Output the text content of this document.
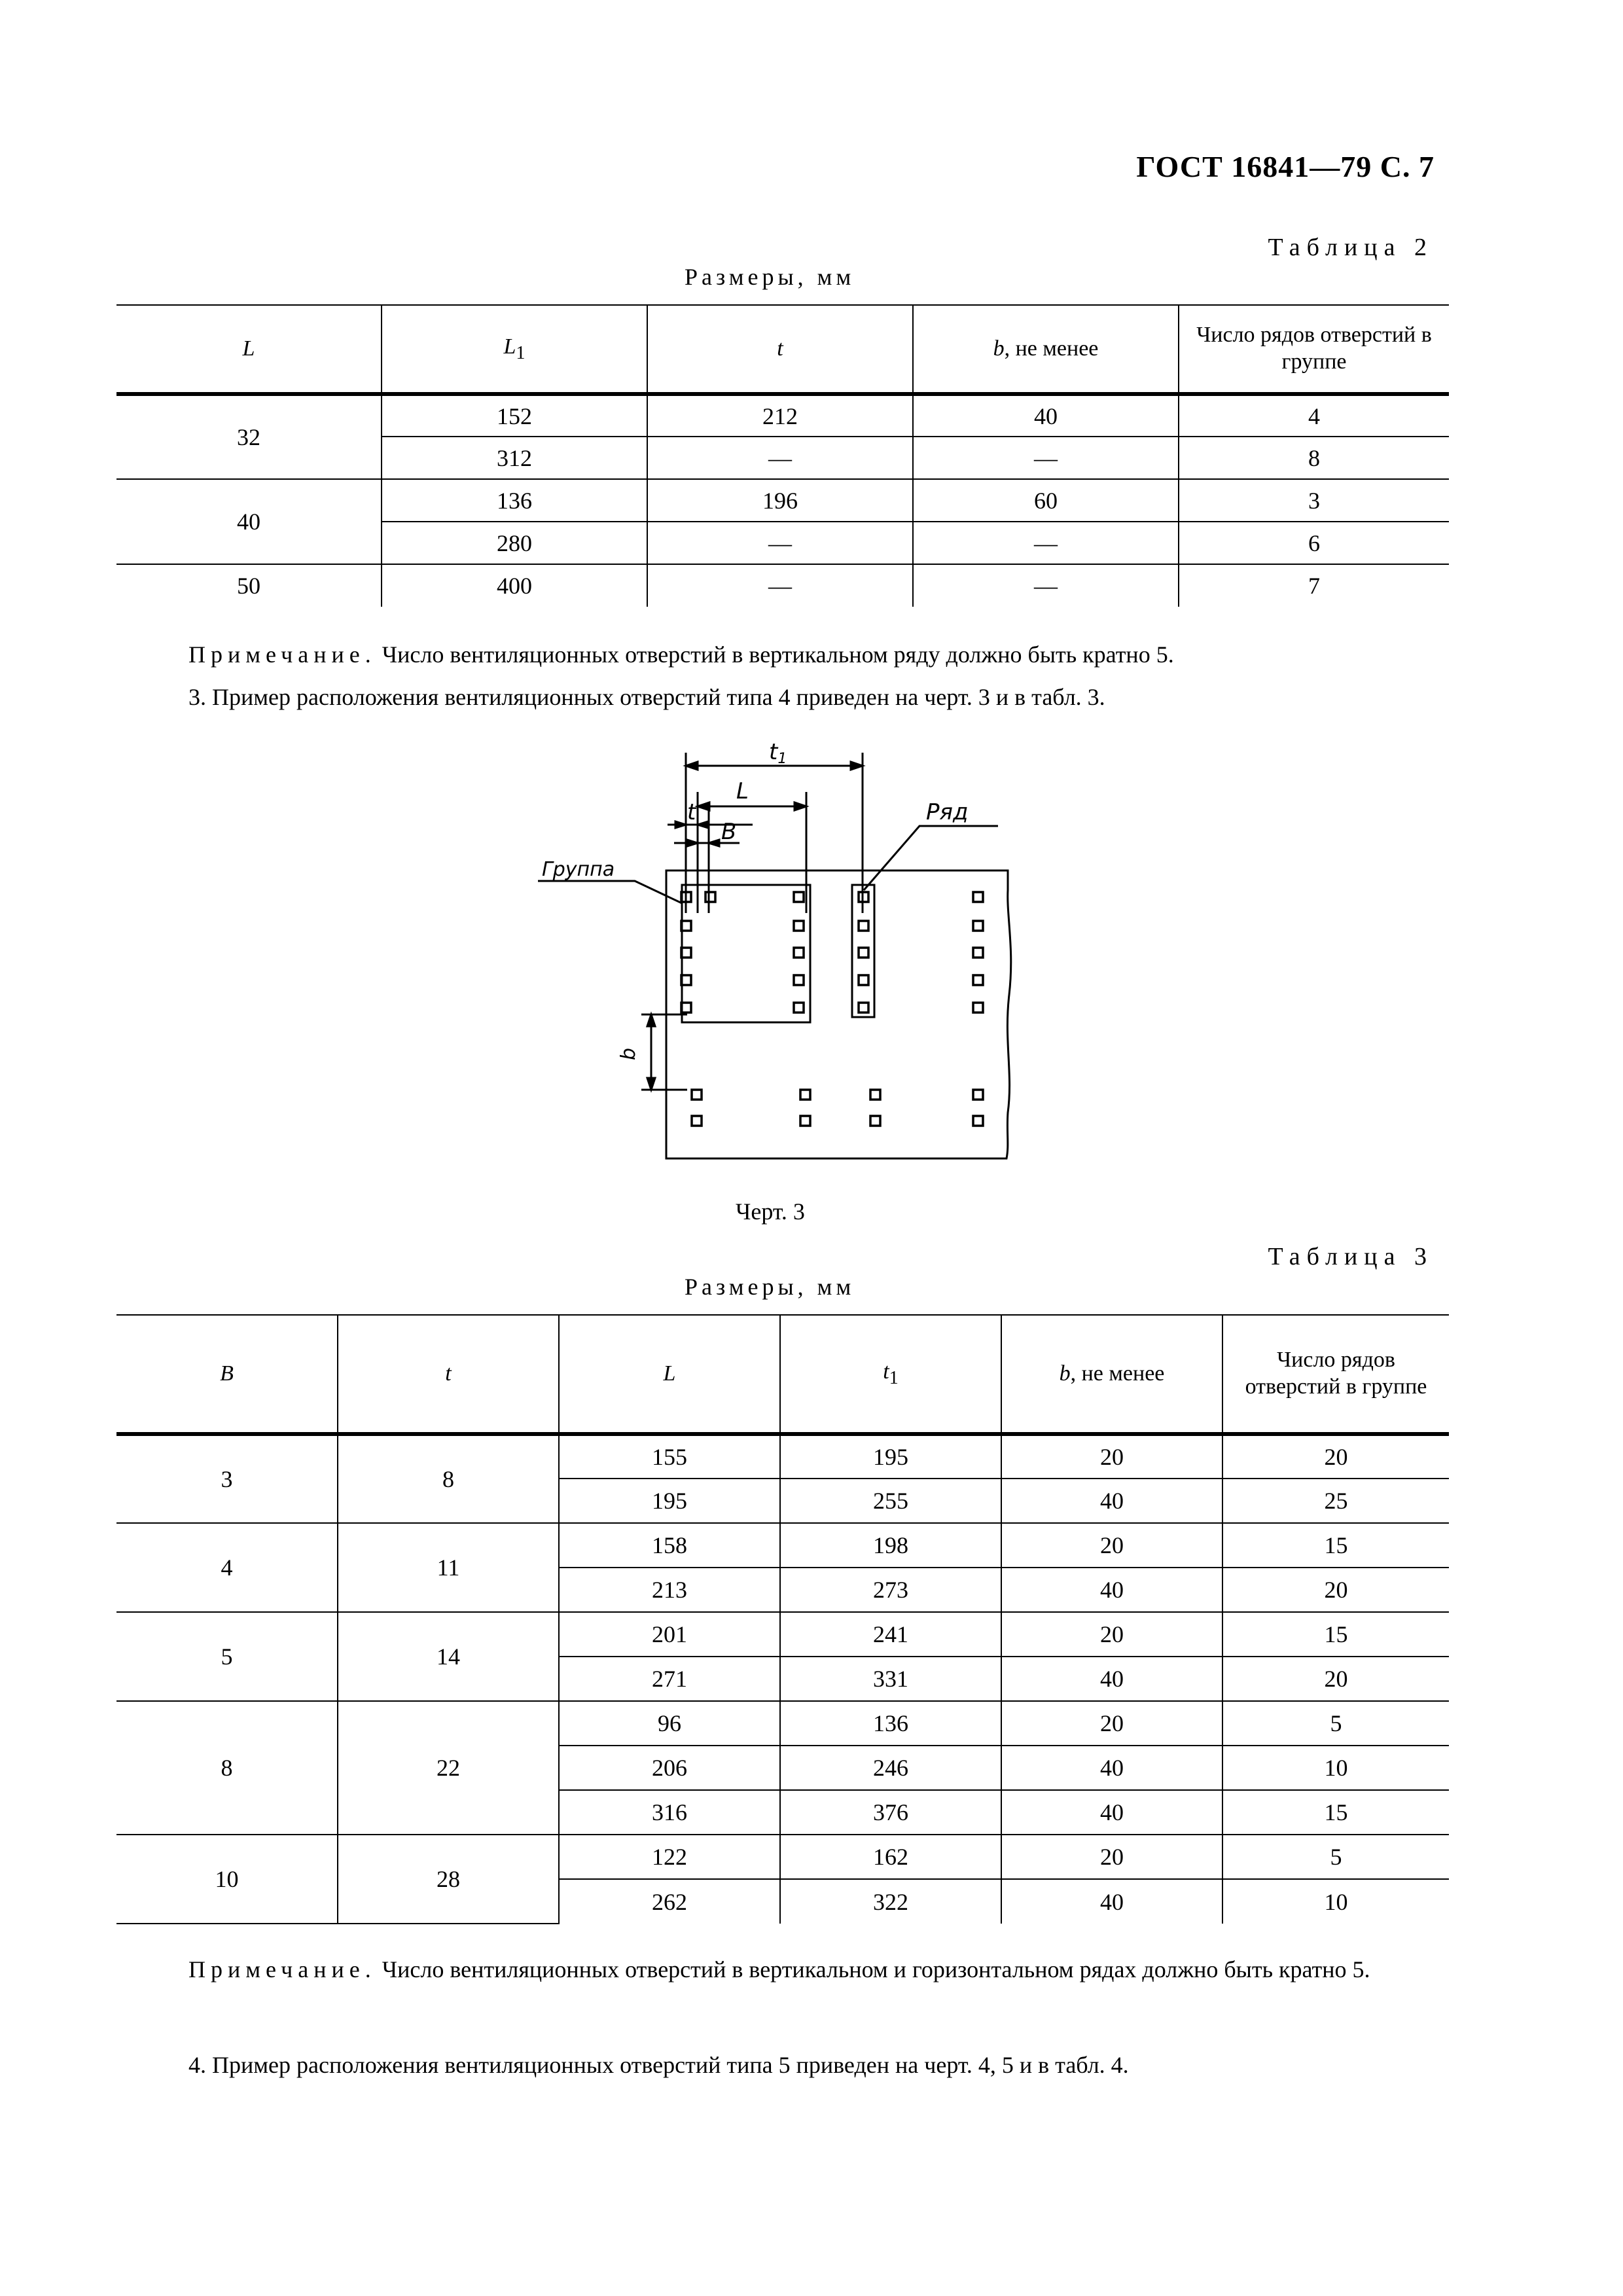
ГОСТ 16841—79 С. 7
Таблица 2
Размеры, мм
L	$L_1$	t	b, не менее	Число рядов отверстий в группе
32	152	212	40	4
	312	—	—	8
40	136	196	60	3
	280	—	—	6
50	400	—	—	7
Примечание. Число вентиляционных отверстий в вертикальном ряду должно быть кратно 5.
3. Пример расположения вентиляционных отверстий типа 4 приведен на черт. 3 и в табл. 3.
t1
L
t
B
Группа
Ряд
b
Черт. 3
Таблица 3
Размеры, мм
B	t	L	$t_1$	b, не менее	Число рядов отверстий в группе
3	8	155	195	20	20
		195	255	40	25
4	11	158	198	20	15
		213	273	40	20
5	14	201	241	20	15
		271	331	40	20
8	22	96	136	20	5
		206	246	40	10
		316	376	40	15
10	28	122	162	20	5
		262	322	40	10
Примечание. Число вентиляционных отверстий в вертикальном и горизонтальном рядах должно быть кратно 5.
4. Пример расположения вентиляционных отверстий типа 5 приведен на черт. 4, 5 и в табл. 4.
